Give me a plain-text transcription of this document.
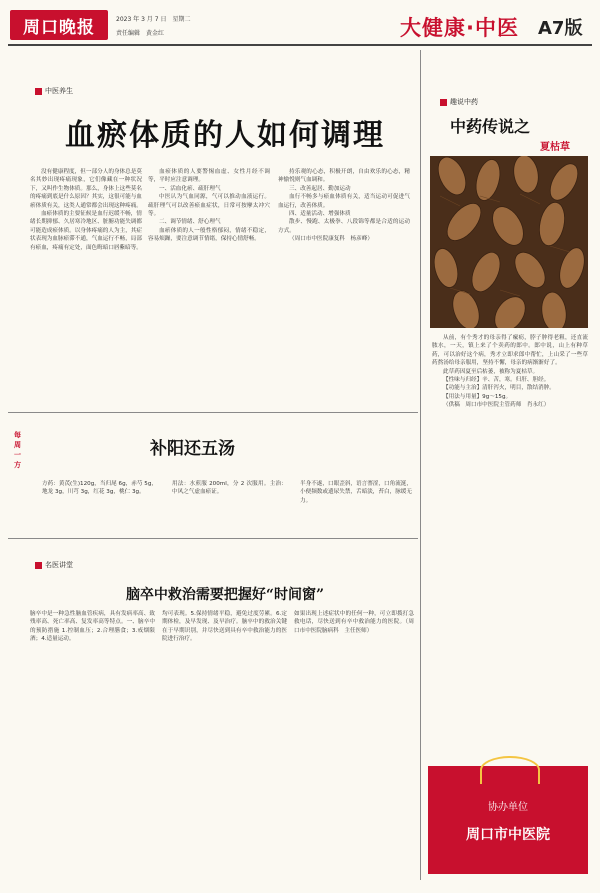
周口晚报	2023 年 3 月 7 日　星期二
责任编辑　黄金红	大健康·中医 A7版
中医养生
血瘀体质的人如何调理

没有健康程度，但一部分人的身体总是莫名其妙出现疼痛现象，它们像藏在一种状况下，又叫作生物体质。那么，身体上这些莫名的疼痛到底是什么原因？其实，这很可能与血瘀体质有关，这类人通常都会出现这种疼痛。

血瘀体质的主要征候是血行迟缓不畅，情绪长期抑郁、久居寒冷地区、脏腑功能失调都可能造成瘀体质。以身体疼痛的人为主，其症状表现为血脉瘀滞不通，气血运行不畅，局部有瘀血，疼痛有定处，面色晦暗口唇紫暗等。

血瘀体质的人要警惕血虚、女性月经不调等，平时应注意调理。

一、活血化瘀、疏肝理气

中医认为气血同源，气可以推动血液运行。疏肝理气可以改善瘀血症状，日常可按摩太冲穴等。

二、调节情绪、舒心理气

血瘀体质的人一般性格郁闷，情绪不稳定，容易烦躁，要注意调节情绪，保持心情舒畅。

持乐观的心态，积极开朗，自由欢乐的心态，精神愉悦则气血调和。

三、改善起居、勤加运动

血行不畅多与瘀血体质有关，适当运动可促进气血运行，改善体质。

四、适量活动、增强体质

散步、慢跑、太极拳、八段锦等都是合适的运动方式。

（周口市中医院康复科　杨彦峰）

每周一方
补阳还五汤
方药：黄芪(生)120g，当归尾 6g，赤芍 5g，地龙 3g，川芎 3g，红花 3g，桃仁 3g。
用法：水煎服 200ml，分 2 次服用。主治：中风之气虚血瘀证。
半身不遂，口眼歪斜，语言謇涩，口角流涎，小便频数或遗尿失禁，舌暗淡，苔白，脉缓无力。
名医讲堂
脑卒中救治需要把握好“时间窗”
脑卒中是一种急性脑血管疾病，具有发病率高、致残率高、死亡率高、复发率高等特点。一、脑卒中的预防措施 1.控制血压；2.合理膳食；3.戒烟限酒；4.适量运动。
均可表现。5.保持情绪平稳，避免过度劳累。6.定期体检，及早发现、及早治疗。脑卒中的救治关键在于早期识别，并尽快送到具有卒中救治能力的医院进行治疗。
如果出现上述症状中的任何一种，可立即拨打急救电话，尽快送到有卒中救治能力的医院。（周口市中医院脑病科　主任医师）
趣说中药
中药传说之
夏枯草

从前，有个秀才的母亲得了瘰疬，脖子肿得老粗，还直流脓水，一天，镇上来了个卖药的郎中。郎中说，山上有种草药，可以治好这个病，秀才立即求郎中帮忙，上山采了一些草药熬汤给母亲服用，坚持不懈，母亲的病渐渐好了。

此草药因夏至后枯萎，被称为夏枯草。

【性味与归经】辛、苦，寒。归肝、胆经。

【功能与主治】清肝泻火，明目，散结消肿。

【用法与用量】9g～15g。

（供稿　周口市中医院主管药师　肖永红）

协办单位
周口市中医院
